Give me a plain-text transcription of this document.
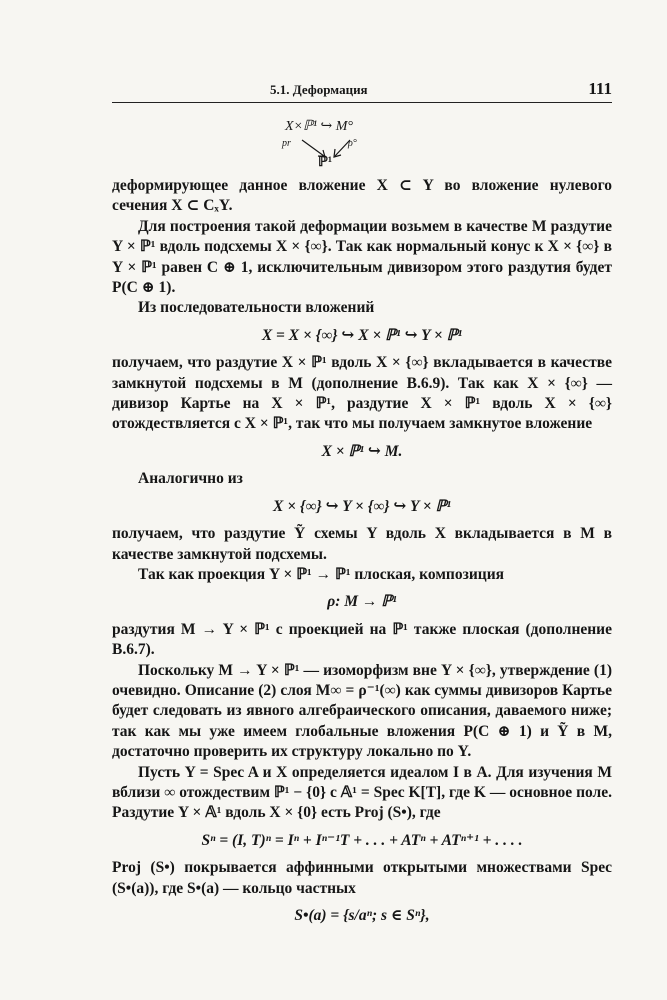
5.1. Деформация	111
X×ℙ¹ ↪ M°
pr	ρ°
ℙ¹

деформирующее данное вложение X ⊂ Y во вложение нулевого сечения X ⊂ CₓY.

Для построения такой деформации возьмем в качестве M раздутие Y × ℙ¹ вдоль подсхемы X × {∞}. Так как нормальный конус к X × {∞} в Y × ℙ¹ равен C ⊕ 1, исключительным дивизором этого раздутия будет P(C ⊕ 1).

Из последовательности вложений

X = X × {∞} ↪ X × ℙ¹ ↪ Y × ℙ¹

получаем, что раздутие X × ℙ¹ вдоль X × {∞} вкладывается в качестве замкнутой подсхемы в M (дополнение B.6.9). Так как X × {∞} — дивизор Картье на X × ℙ¹, раздутие X × ℙ¹ вдоль X × {∞} отождествляется с X × ℙ¹, так что мы получаем замкнутое вложение

X × ℙ¹ ↪ M.

Аналогично из

X × {∞} ↪ Y × {∞} ↪ Y × ℙ¹

получаем, что раздутие Ỹ схемы Y вдоль X вкладывается в M в качестве замкнутой подсхемы.

Так как проекция Y × ℙ¹ → ℙ¹ плоская, композиция

ρ: M → ℙ¹

раздутия M → Y × ℙ¹ с проекцией на ℙ¹ также плоская (дополнение B.6.7).

Поскольку M → Y × ℙ¹ — изоморфизм вне Y × {∞}, утверждение (1) очевидно. Описание (2) слоя M∞ = ρ⁻¹(∞) как суммы дивизоров Картье будет следовать из явного алгебраического описания, даваемого ниже; так как мы уже имеем глобальные вложения P(C ⊕ 1) и Ỹ в M, достаточно проверить их структуру локально по Y.

Пусть Y = Spec A и X определяется идеалом I в A. Для изучения M вблизи ∞ отождествим ℙ¹ − {0} с 𝔸¹ = Spec K[T], где K — основное поле. Раздутие Y × 𝔸¹ вдоль X × {0} есть Proj (S•), где

Sⁿ = (I, T)ⁿ = Iⁿ + Iⁿ⁻¹T + . . . + ATⁿ + ATⁿ⁺¹ + . . . .

Proj (S•) покрывается аффинными открытыми множествами Spec (S•(a)), где S•(a) — кольцо частных

S•(a) = {s/aⁿ; s ∈ Sⁿ},
